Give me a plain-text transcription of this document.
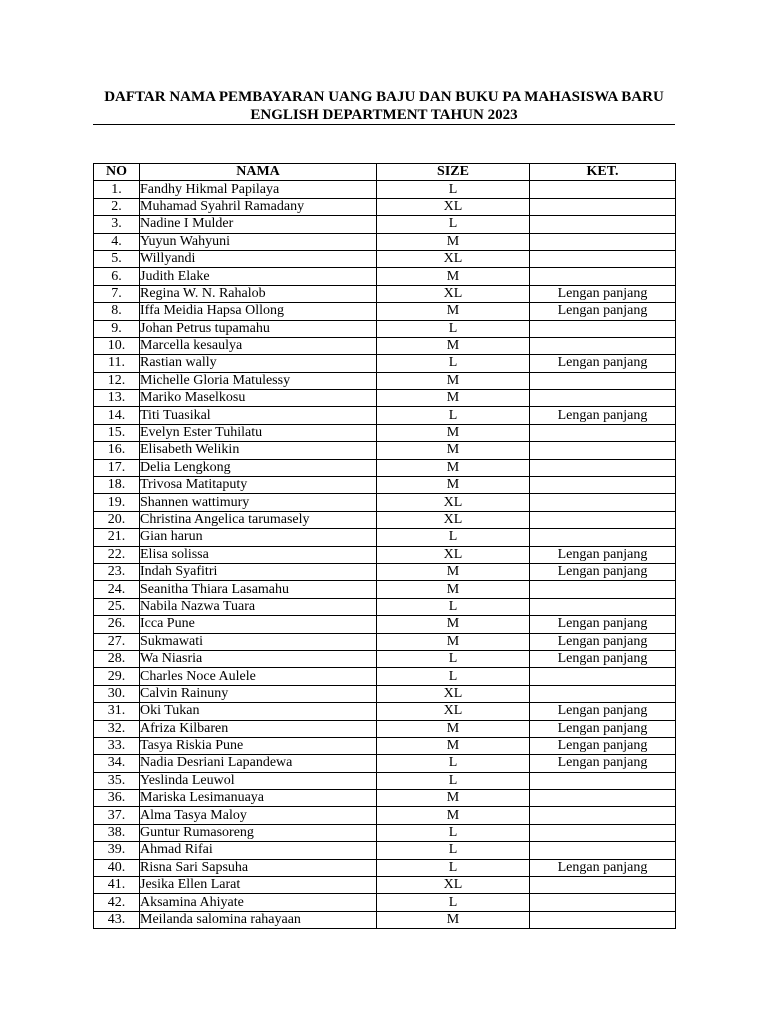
DAFTAR NAMA PEMBAYARAN UANG BAJU DAN BUKU PA MAHASISWA BARU
ENGLISH DEPARTMENT TAHUN 2023
NO	NAMA	SIZE	KET.
1.	Fandhy Hikmal Papilaya	L	
2.	Muhamad Syahril Ramadany	XL	
3.	Nadine I Mulder	L	
4.	Yuyun Wahyuni	M	
5.	Willyandi	XL	
6.	Judith Elake	M	
7.	Regina W. N. Rahalob	XL	Lengan panjang
8.	Iffa Meidia Hapsa Ollong	M	Lengan panjang
9.	Johan Petrus tupamahu	L	
10.	Marcella kesaulya	M	
11.	Rastian wally	L	Lengan panjang
12.	Michelle Gloria Matulessy	M	
13.	Mariko Maselkosu	M	
14.	Titi Tuasikal	L	Lengan panjang
15.	Evelyn Ester Tuhilatu	M	
16.	Elisabeth Welikin	M	
17.	Delia Lengkong	M	
18.	Trivosa Matitaputy	M	
19.	Shannen wattimury	XL	
20.	Christina Angelica tarumasely	XL	
21.	Gian harun	L	
22.	Elisa solissa	XL	Lengan panjang
23.	Indah Syafitri	M	Lengan panjang
24.	Seanitha Thiara Lasamahu	M	
25.	Nabila Nazwa Tuara	L	
26.	Icca Pune	M	Lengan panjang
27.	Sukmawati	M	Lengan panjang
28.	Wa Niasria	L	Lengan panjang
29.	Charles Noce Aulele	L	
30.	Calvin Rainuny	XL	
31.	Oki Tukan	XL	Lengan panjang
32.	Afriza Kilbaren	M	Lengan panjang
33.	Tasya Riskia Pune	M	Lengan panjang
34.	Nadia Desriani Lapandewa	L	Lengan panjang
35.	Yeslinda Leuwol	L	
36.	Mariska Lesimanuaya	M	
37.	Alma Tasya Maloy	M	
38.	Guntur Rumasoreng	L	
39.	Ahmad Rifai	L	
40.	Risna Sari Sapsuha	L	Lengan panjang
41.	Jesika Ellen Larat	XL	
42.	Aksamina Ahiyate	L	
43.	Meilanda salomina rahayaan	M	
